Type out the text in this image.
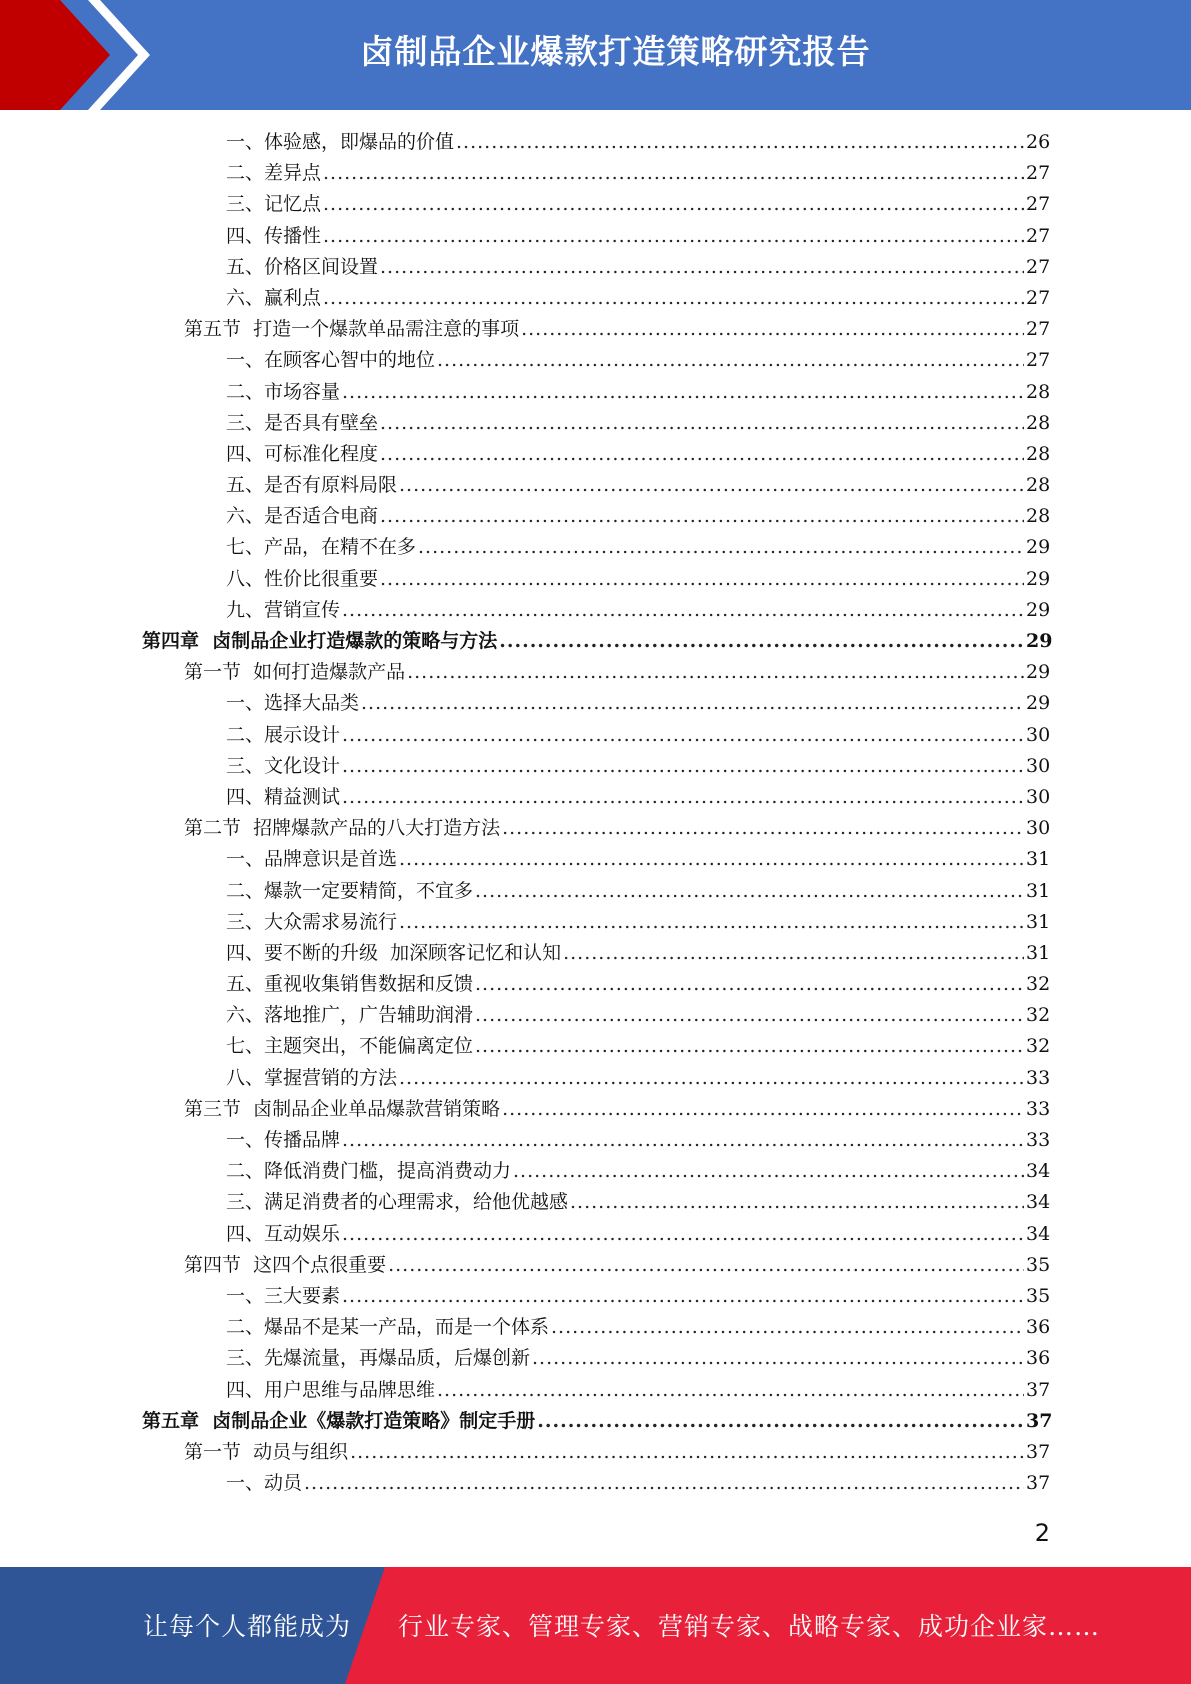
卤制品企业爆款打造策略研究报告
一、体验感，即爆品的价值 .....	26
二、差异点 .....	27
三、记忆点 .....	27
四、传播性 .....	27
五、价格区间设置 .....	27
六、赢利点 .....	27
第五节  打造一个爆款单品需注意的事项 .....	27
一、在顾客心智中的地位 .....	27
二、市场容量 .....	28
三、是否具有壁垒 .....	28
四、可标准化程度 .....	28
五、是否有原料局限 .....	28
六、是否适合电商 .....	28
七、产品，在精不在多 .....	29
八、性价比很重要 .....	29
九、营销宣传 .....	29
第四章  卤制品企业打造爆款的策略与方法 .....	29
第一节  如何打造爆款产品 .....	29
一、选择大品类 .....	29
二、展示设计 .....	30
三、文化设计 .....	30
四、精益测试 .....	30
第二节  招牌爆款产品的八大打造方法 .....	30
一、品牌意识是首选 .....	31
二、爆款一定要精简，不宜多 .....	31
三、大众需求易流行 .....	31
四、要不断的升级  加深顾客记忆和认知 .....	31
五、重视收集销售数据和反馈 .....	32
六、落地推广，广告辅助润滑 .....	32
七、主题突出，不能偏离定位 .....	32
八、掌握营销的方法 .....	33
第三节  卤制品企业单品爆款营销策略 .....	33
一、传播品牌 .....	33
二、降低消费门槛，提高消费动力 .....	34
三、满足消费者的心理需求，给他优越感 .....	34
四、互动娱乐 .....	34
第四节  这四个点很重要 .....	35
一、三大要素 .....	35
二、爆品不是某一产品，而是一个体系 .....	36
三、先爆流量，再爆品质，后爆创新 .....	36
四、用户思维与品牌思维 .....	37
第五章  卤制品企业《爆款打造策略》制定手册 .....	37
第一节  动员与组织 .....	37
一、动员 .....	37
2
让每个人都能成为 行业专家、管理专家、营销专家、战略专家、成功企业家……
